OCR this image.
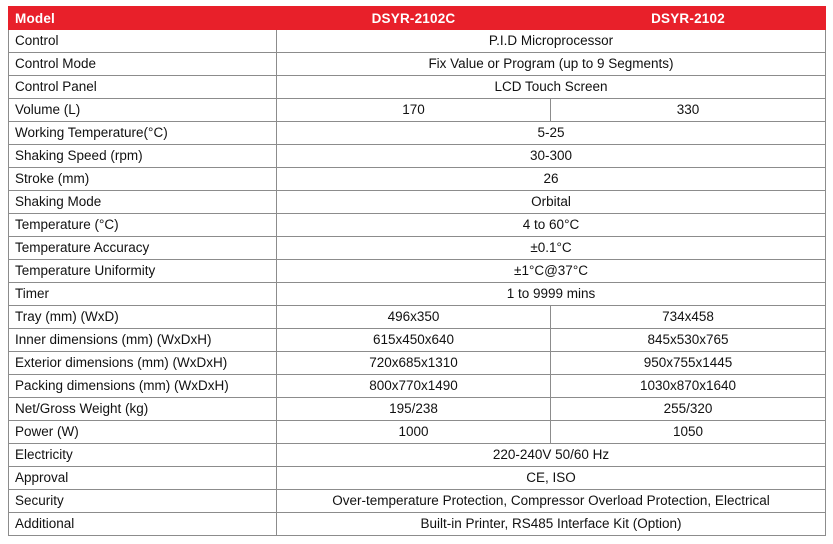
Model	DSYR-2102C	DSYR-2102
Control	P.I.D Microprocessor	
Control Mode	Fix Value or Program (up to 9 Segments)	
Control Panel	LCD Touch Screen	
Volume (L)	170	330
Working Temperature(°C)	5-25	
Shaking Speed (rpm)	30-300	
Stroke (mm)	26	
Shaking Mode	Orbital	
Temperature (°C)	4 to 60°C	
Temperature Accuracy	±0.1°C	
Temperature Uniformity	±1°C@37°C	
Timer	1 to 9999 mins	
Tray (mm) (WxD)	496x350	734x458
Inner dimensions (mm) (WxDxH)	615x450x640	845x530x765
Exterior dimensions (mm) (WxDxH)	720x685x1310	950x755x1445
Packing dimensions (mm) (WxDxH)	800x770x1490	1030x870x1640
Net/Gross Weight (kg)	195/238	255/320
Power (W)	1000	1050
Electricity	220-240V 50/60 Hz	
Approval	CE, ISO	
Security	Over-temperature Protection, Compressor Overload Protection, Electrical	
Additional	Built-in Printer, RS485 Interface Kit (Option)	
